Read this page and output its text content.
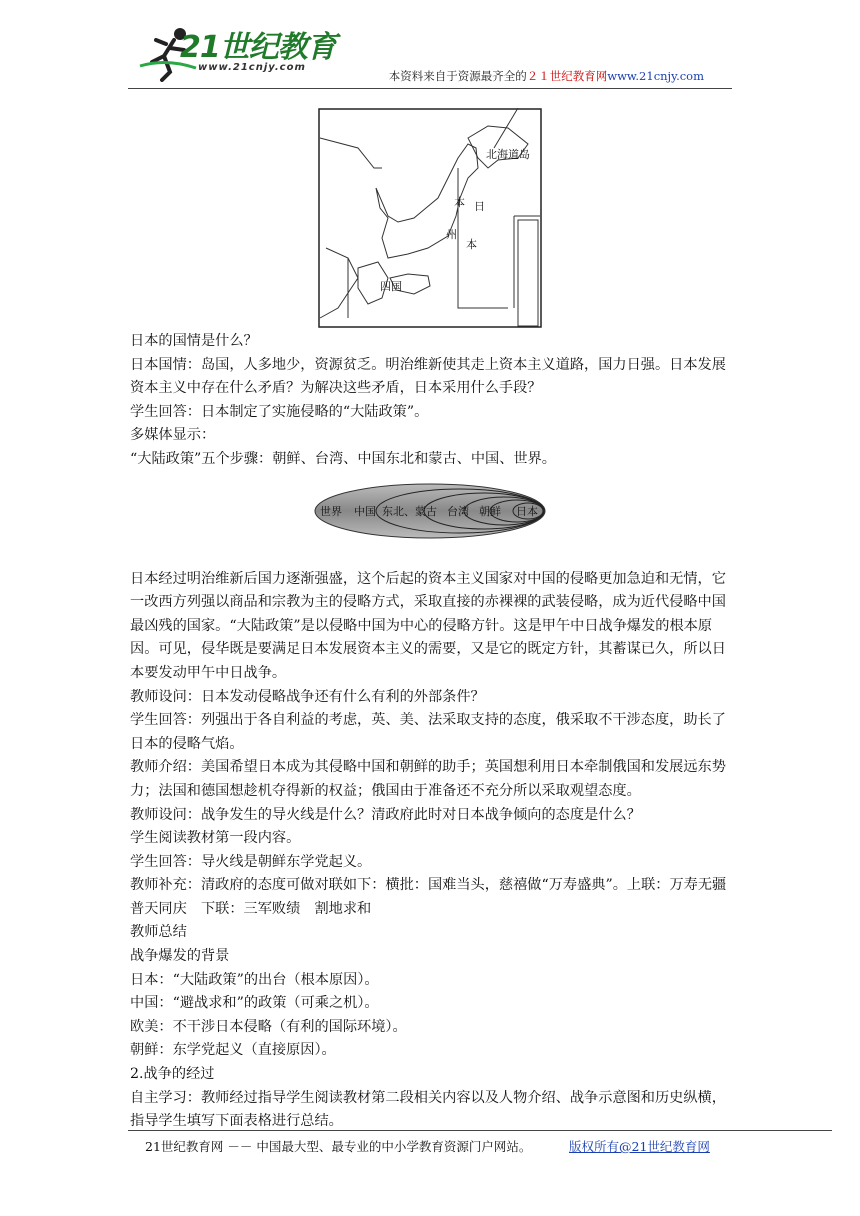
21世纪教育
www.21cnjy.com
本资料来自于资源最齐全的２１世纪教育网www.21cnjy.com
北海道岛
本 日
州
本
四国

日本的国情是什么？

日本国情：岛国，人多地少，资源贫乏。明治维新使其走上资本主义道路，国力日强。日本发展资本主义中存在什么矛盾？为解决这些矛盾，日本采用什么手段？

学生回答：日本制定了实施侵略的“大陆政策”。

多媒体显示：

“大陆政策”五个步骤：朝鲜、台湾、中国东北和蒙古、中国、世界。

日本经过明治维新后国力逐渐强盛，这个后起的资本主义国家对中国的侵略更加急迫和无情，它一改西方列强以商品和宗教为主的侵略方式，采取直接的赤裸裸的武装侵略，成为近代侵略中国最凶残的国家。“大陆政策”是以侵略中国为中心的侵略方针。这是甲午中日战争爆发的根本原因。可见，侵华既是要满足日本发展资本主义的需要，又是它的既定方针，其蓄谋已久，所以日本要发动甲午中日战争。

教师设问：日本发动侵略战争还有什么有利的外部条件？

学生回答：列强出于各自利益的考虑，英、美、法采取支持的态度，俄采取不干涉态度，助长了日本的侵略气焰。

教师介绍：美国希望日本成为其侵略中国和朝鲜的助手；英国想利用日本牵制俄国和发展远东势力；法国和德国想趁机夺得新的权益；俄国由于准备还不充分所以采取观望态度。

教师设问：战争发生的导火线是什么？清政府此时对日本战争倾向的态度是什么？

学生阅读教材第一段内容。

学生回答：导火线是朝鲜东学党起义。

教师补充：清政府的态度可做对联如下：横批：国难当头，慈禧做“万寿盛典”。上联：万寿无疆　普天同庆　下联：三军败绩　割地求和

教师总结

战争爆发的背景

日本：“大陆政策”的出台（根本原因）。

中国：“避战求和”的政策（可乘之机）。

欧美：不干涉日本侵略（有利的国际环境）。

朝鲜：东学党起义（直接原因）。

2.战争的经过

自主学习：教师经过指导学生阅读教材第二段相关内容以及人物介绍、战争示意图和历史纵横，指导学生填写下面表格进行总结。

世界 中国 东北、蒙古 台湾 朝鲜 日本
21世纪教育网 －－ 中国最大型、最专业的中小学教育资源门户网站。	版权所有@21世纪教育网
